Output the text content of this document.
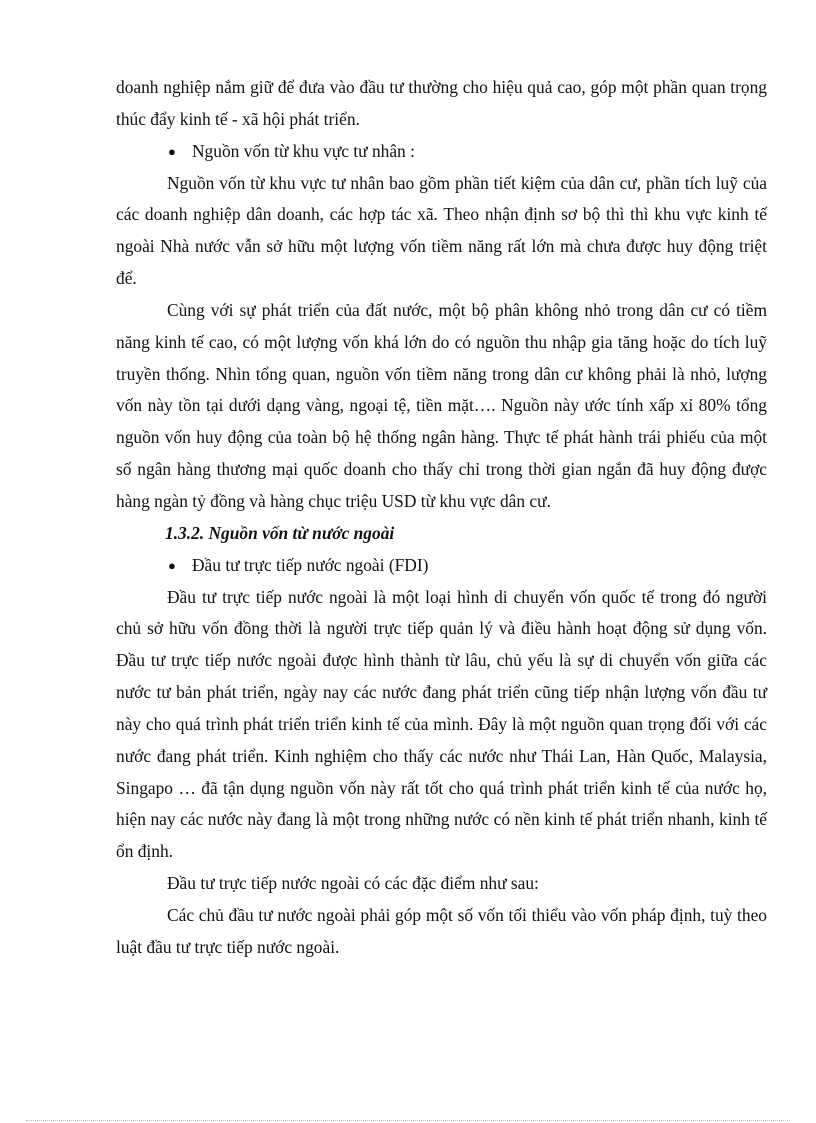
doanh nghiệp nắm giữ để đưa vào đầu tư thường cho hiệu quả cao, góp một phần quan trọng thúc đẩy kinh tế - xã hội phát triển.

● Nguồn vốn từ khu vực tư nhân :

Nguồn vốn từ khu vực tư nhân bao gồm phần tiết kiệm của dân cư, phần tích luỹ của các doanh nghiệp dân doanh, các hợp tác xã. Theo nhận định sơ bộ thì thì khu vực kinh tế ngoài Nhà nước vẫn sở hữu một lượng vốn tiềm năng rất lớn mà chưa được huy động triệt để.

Cùng với sự phát triển của đất nước, một bộ phân không nhỏ trong dân cư có tiềm năng kinh tế cao, có một lượng vốn khá lớn do có nguồn thu nhập gia tăng hoặc do tích luỹ truyền thống. Nhìn tổng quan, nguồn vốn tiềm năng trong dân cư không phải là nhỏ, lượng vốn này tồn tại dưới dạng vàng, ngoại tệ, tiền mặt…. Nguồn này ước tính xấp xỉ 80% tổng nguồn vốn huy động của toàn bộ hệ thống ngân hàng. Thực tế phát hành trái phiếu của một số ngân hàng thương mại quốc doanh cho thấy chỉ trong thời gian ngắn đã huy động được hàng ngàn tỷ đồng và hàng chục triệu USD từ khu vực dân cư.

1.3.2. Nguồn vốn từ nước ngoài

● Đầu tư trực tiếp nước ngoài (FDI)

Đầu tư trực tiếp nước ngoài là một loại hình di chuyển vốn quốc tế trong đó người chủ sở hữu vốn đồng thời là người trực tiếp quản lý và điều hành hoạt động sử dụng vốn. Đầu tư trực tiếp nước ngoài được hình thành từ lâu, chủ yếu là sự di chuyển vốn giữa các nước tư bản phát triển, ngày nay các nước đang phát triển cũng tiếp nhận lượng vốn đầu tư này cho quá trình phát triển triển kinh tế của mình. Đây là một nguồn quan trọng đối với các nước đang phát triển. Kinh nghiệm cho thấy các nước như Thái Lan, Hàn Quốc, Malaysia, Singapo … đã tận dụng nguồn vốn này rất tốt cho quá trình phát triển kinh tế của nước họ, hiện nay các nước này đang là một trong những nước có nền kinh tế phát triển nhanh, kinh tế ổn định.

Đầu tư trực tiếp nước ngoài có các đặc điểm như sau:

Các chủ đầu tư nước ngoài phải góp một số vốn tối thiểu vào vốn pháp định, tuỳ theo luật đầu tư trực tiếp nước ngoài.
